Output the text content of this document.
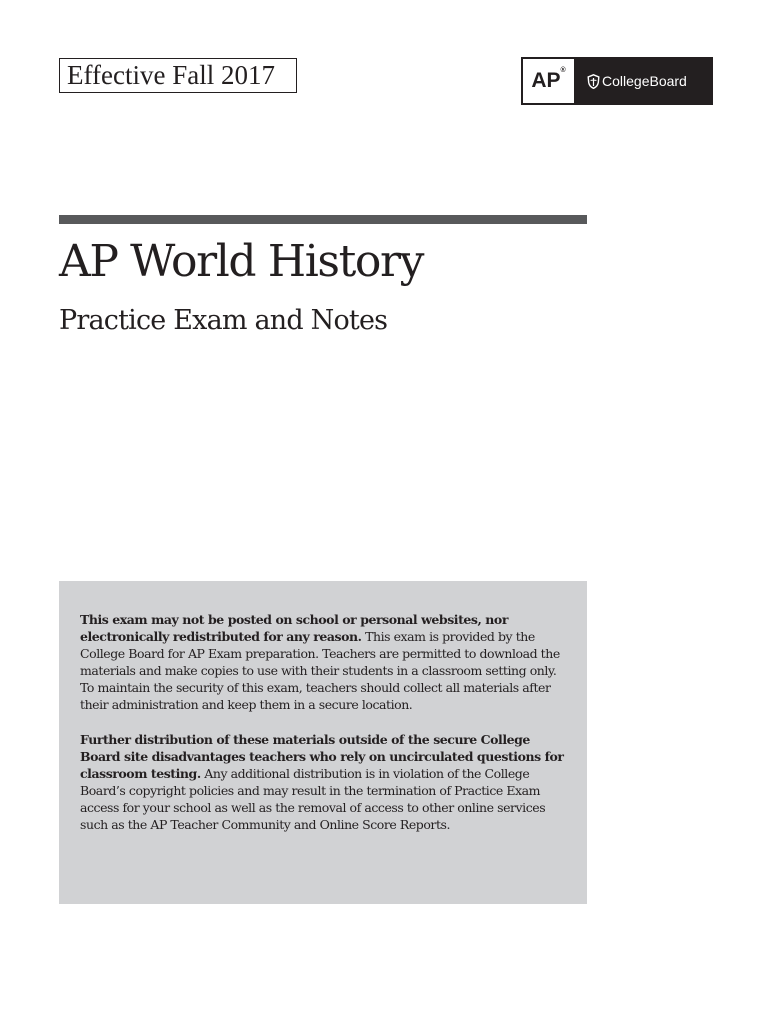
Effective Fall 2017	AP®
CollegeBoard
AP World History
Practice Exam and Notes

This exam may not be posted on school or personal websites, nor electronically redistributed for any reason. This exam is provided by the College Board for AP Exam preparation. Teachers are permitted to download the materials and make copies to use with their students in a classroom setting only. To maintain the security of this exam, teachers should collect all materials after their administration and keep them in a secure location.

Further distribution of these materials outside of the secure College Board site disadvantages teachers who rely on uncirculated questions for classroom testing. Any additional distribution is in violation of the College Board’s copyright policies and may result in the termination of Practice Exam access for your school as well as the removal of access to other online services such as the AP Teacher Community and Online Score Reports.
